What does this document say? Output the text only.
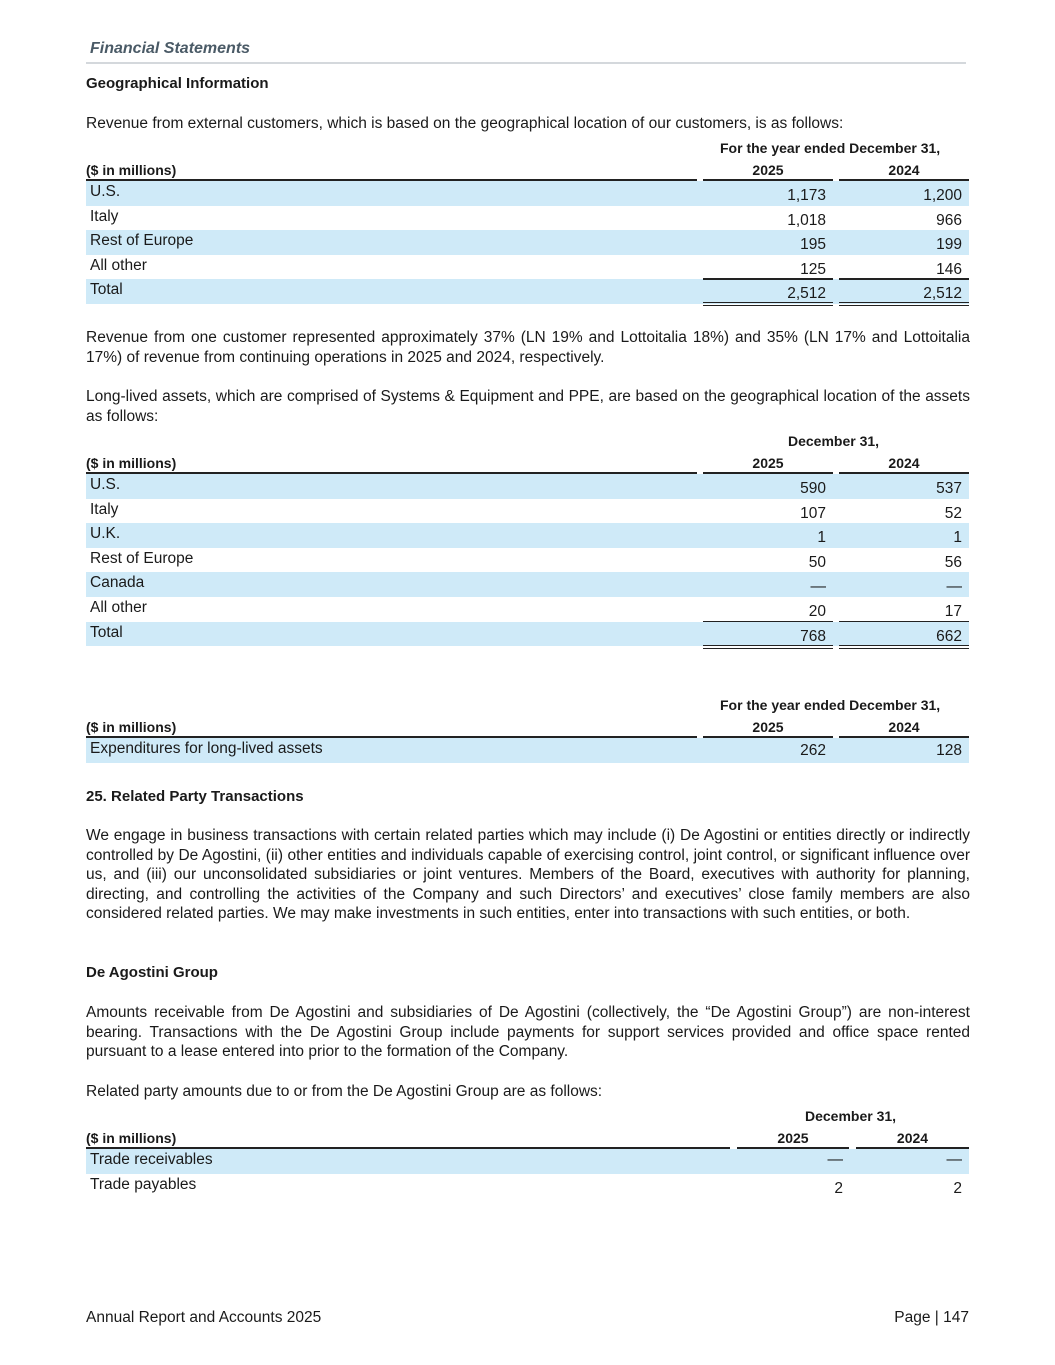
Financial Statements
Geographical Information
Revenue from external customers, which is based on the geographical location of our customers, is as follows:
For the year ended December 31,
($ in millions)	2025	2024
U.S.	1,173	1,200
Italy	1,018	966
Rest of Europe	195	199
All other	125	146
Total	2,512	2,512
Revenue from one customer represented approximately 37% (LN 19% and Lottoitalia 18%) and 35% (LN 17% and Lottoitalia 17%) of revenue from continuing operations in 2025 and 2024, respectively.
Long-lived assets, which are comprised of Systems & Equipment and PPE, are based on the geographical location of the assets as follows:
December 31,
($ in millions)	2025	2024
U.S.	590	537
Italy	107	52
U.K.	1	1
Rest of Europe	50	56
Canada	—	—
All other	20	17
Total	768	662
For the year ended December 31,
($ in millions)	2025	2024
Expenditures for long-lived assets	262	128
25. Related Party Transactions
We engage in business transactions with certain related parties which may include (i) De Agostini or entities directly or indirectly controlled by De Agostini, (ii) other entities and individuals capable of exercising control, joint control, or significant influence over us, and (iii) our unconsolidated subsidiaries or joint ventures. Members of the Board, executives with authority for planning, directing, and controlling the activities of the Company and such Directors’ and executives’ close family members are also considered related parties. We may make investments in such entities, enter into transactions with such entities, or both.
De Agostini Group
Amounts receivable from De Agostini and subsidiaries of De Agostini (collectively, the “De Agostini Group”) are non-interest bearing. Transactions with the De Agostini Group include payments for support services provided and office space rented pursuant to a lease entered into prior to the formation of the Company.
Related party amounts due to or from the De Agostini Group are as follows:
December 31,
($ in millions)	2025	2024
Trade receivables	—	—
Trade payables	2	2
Annual Report and Accounts 2025	Page | 147
